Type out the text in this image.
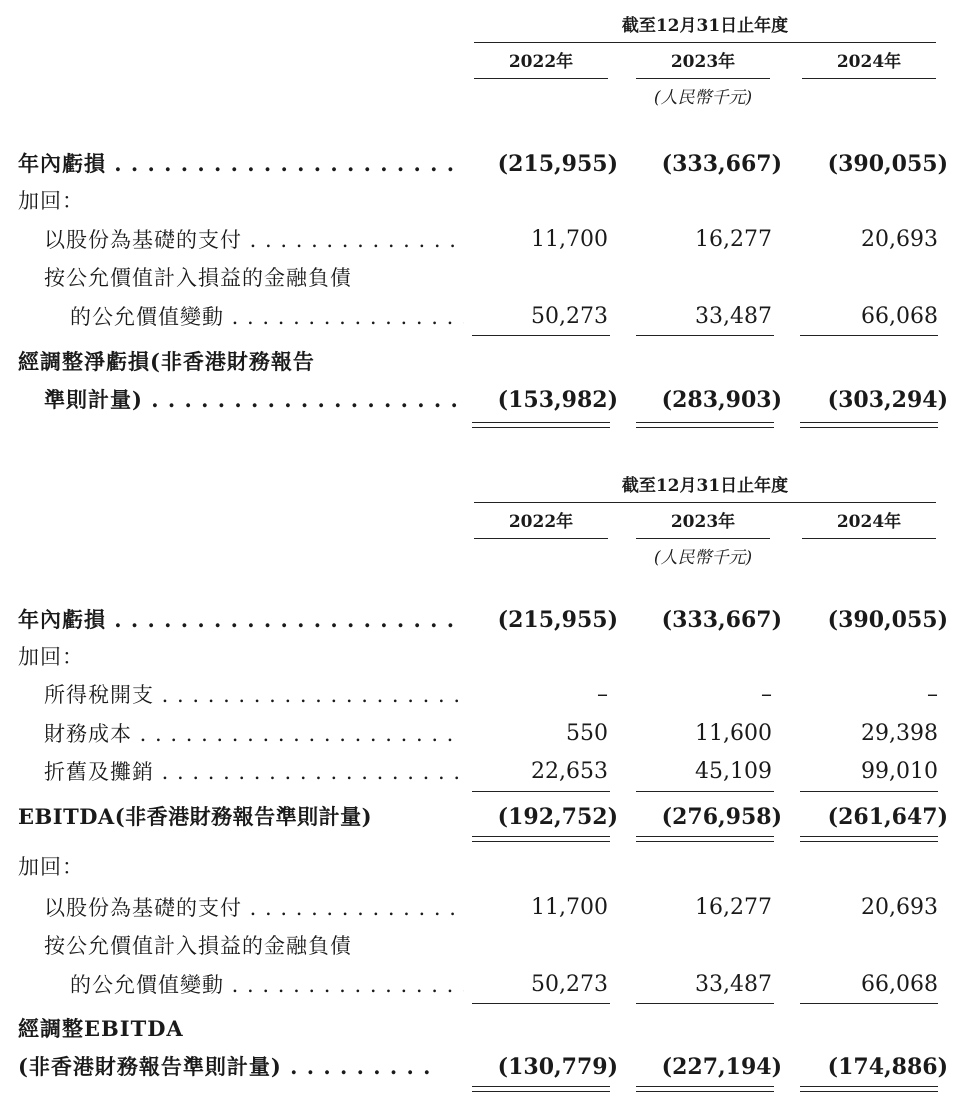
截至12月31日止年度
2022年	2023年	2024年
(人民幣千元)
年內虧損 . . .	(215,955)	(333,667)	(390,055)
加回：
以股份為基礎的支付 . . .	11,700	16,277	20,693
按公允價值計入損益的金融負債
的公允價值變動 . . .	50,273	33,487	66,068
經調整淨虧損(非香港財務報告
準則計量) . . .	(153,982)	(283,903)	(303,294)
截至12月31日止年度
2022年	2023年	2024年
(人民幣千元)
年內虧損 . . .	(215,955)	(333,667)	(390,055)
加回：
所得稅開支 . . .	–	–	–
財務成本 . . .	550	11,600	29,398
折舊及攤銷 . . .	22,653	45,109	99,010
EBITDA(非香港財務報告準則計量)	(192,752)	(276,958)	(261,647)
加回：
以股份為基礎的支付 . . .	11,700	16,277	20,693
按公允價值計入損益的金融負債
的公允價值變動 . . .	50,273	33,487	66,068
經調整EBITDA
(非香港財務報告準則計量) . . .	(130,779)	(227,194)	(174,886)
